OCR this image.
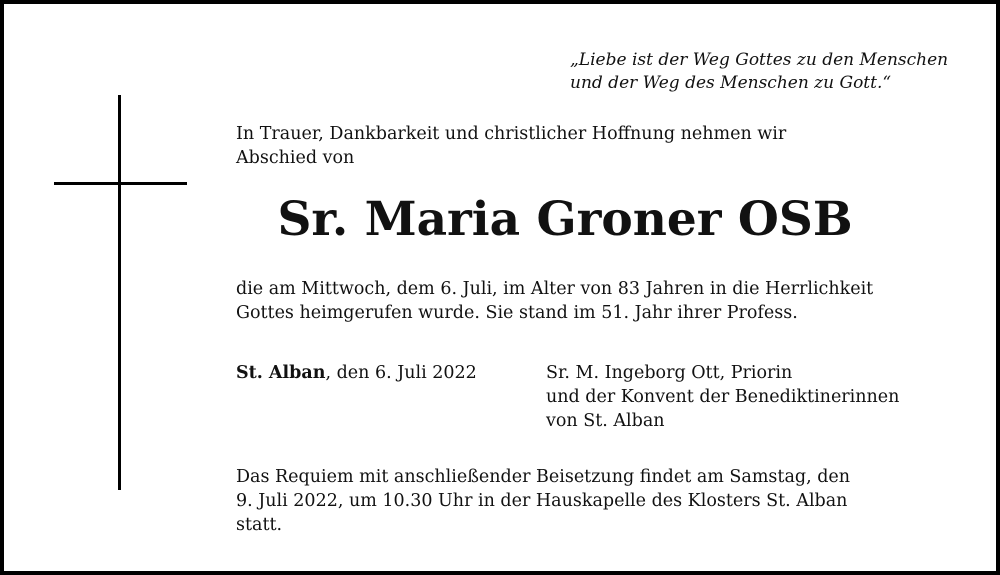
„Liebe ist der Weg Gottes zu den Menschen
und der Weg des Menschen zu Gott.“
In Trauer, Dankbarkeit und christlicher Hoffnung nehmen wir
Abschied von
Sr. Maria Groner OSB
die am Mittwoch, dem 6. Juli, im Alter von 83 Jahren in die Herrlichkeit
Gottes heimgerufen wurde. Sie stand im 51. Jahr ihrer Profess.
St. Alban, den 6. Juli 2022	Sr. M. Ingeborg Ott, Priorin
und der Konvent der Benediktinerinnen
von St. Alban
Das Requiem mit anschließender Beisetzung findet am Samstag, den
9. Juli 2022, um 10.30 Uhr in der Hauskapelle des Klosters St. Alban
statt.
